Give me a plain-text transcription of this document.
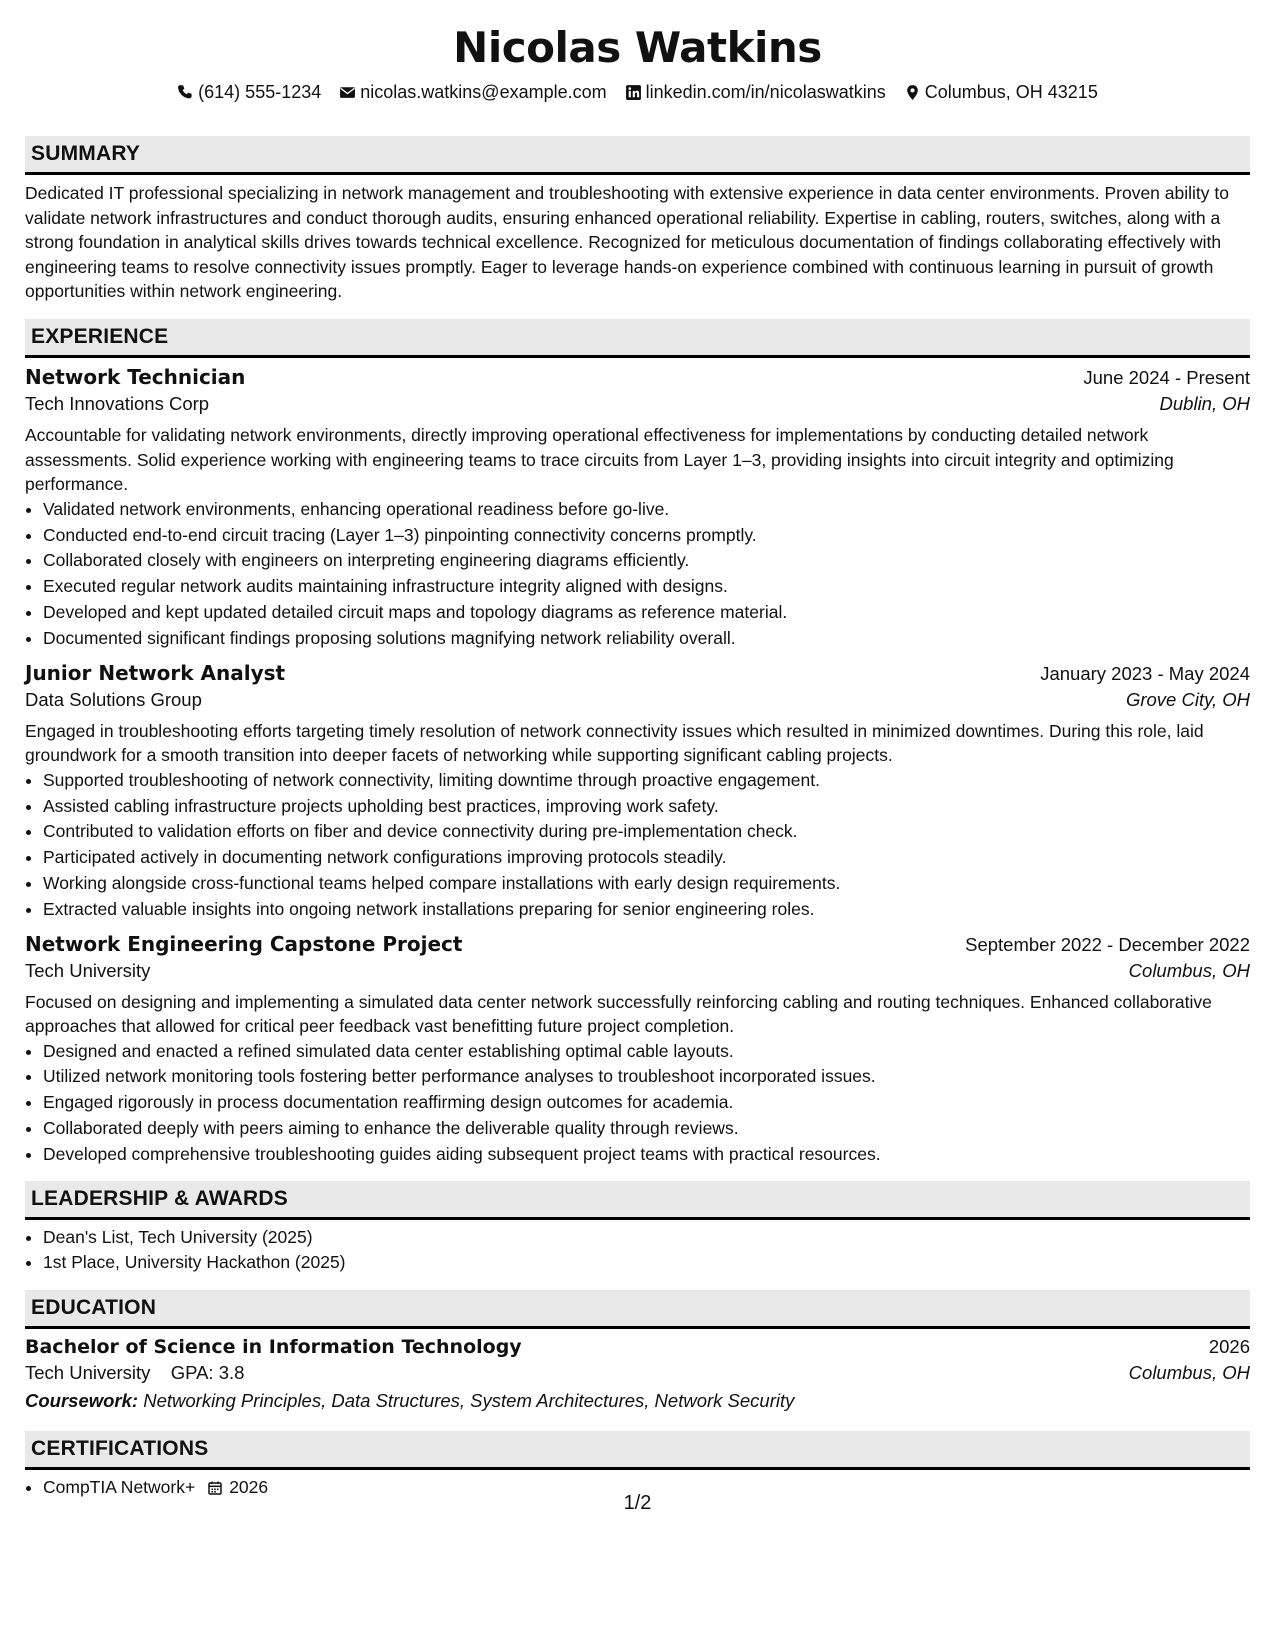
Nicolas Watkins
(614) 555-1234 nicolas.watkins@example.com linkedin.com/in/nicolaswatkins Columbus, OH 43215
SUMMARY
Dedicated IT professional specializing in network management and troubleshooting with extensive experience in data center environments. Proven ability to validate network infrastructures and conduct thorough audits, ensuring enhanced operational reliability. Expertise in cabling, routers, switches, along with a strong foundation in analytical skills drives towards technical excellence. Recognized for meticulous documentation of findings collaborating effectively with engineering teams to resolve connectivity issues promptly. Eager to leverage hands-on experience combined with continuous learning in pursuit of growth opportunities within network engineering.
EXPERIENCE
Network Technician	June 2024 - Present
Tech Innovations Corp	Dublin, OH
Accountable for validating network environments, directly improving operational effectiveness for implementations by conducting detailed network assessments. Solid experience working with engineering teams to trace circuits from Layer 1–3, providing insights into circuit integrity and optimizing performance.
• Validated network environments, enhancing operational readiness before go-live.
• Conducted end-to-end circuit tracing (Layer 1–3) pinpointing connectivity concerns promptly.
• Collaborated closely with engineers on interpreting engineering diagrams efficiently.
• Executed regular network audits maintaining infrastructure integrity aligned with designs.
• Developed and kept updated detailed circuit maps and topology diagrams as reference material.
• Documented significant findings proposing solutions magnifying network reliability overall.
Junior Network Analyst	January 2023 - May 2024
Data Solutions Group	Grove City, OH
Engaged in troubleshooting efforts targeting timely resolution of network connectivity issues which resulted in minimized downtimes. During this role, laid groundwork for a smooth transition into deeper facets of networking while supporting significant cabling projects.
• Supported troubleshooting of network connectivity, limiting downtime through proactive engagement.
• Assisted cabling infrastructure projects upholding best practices, improving work safety.
• Contributed to validation efforts on fiber and device connectivity during pre-implementation check.
• Participated actively in documenting network configurations improving protocols steadily.
• Working alongside cross-functional teams helped compare installations with early design requirements.
• Extracted valuable insights into ongoing network installations preparing for senior engineering roles.
Network Engineering Capstone Project	September 2022 - December 2022
Tech University	Columbus, OH
Focused on designing and implementing a simulated data center network successfully reinforcing cabling and routing techniques. Enhanced collaborative approaches that allowed for critical peer feedback vast benefitting future project completion.
• Designed and enacted a refined simulated data center establishing optimal cable layouts.
• Utilized network monitoring tools fostering better performance analyses to troubleshoot incorporated issues.
• Engaged rigorously in process documentation reaffirming design outcomes for academia.
• Collaborated deeply with peers aiming to enhance the deliverable quality through reviews.
• Developed comprehensive troubleshooting guides aiding subsequent project teams with practical resources.
LEADERSHIP & AWARDS
• Dean's List, Tech University (2025)
• 1st Place, University Hackathon (2025)
EDUCATION
Bachelor of Science in Information Technology	2026
Tech University GPA: 3.8	Columbus, OH
Coursework: Networking Principles, Data Structures, System Architectures, Network Security
CERTIFICATIONS
• CompTIA Network+ 2026
1/2
